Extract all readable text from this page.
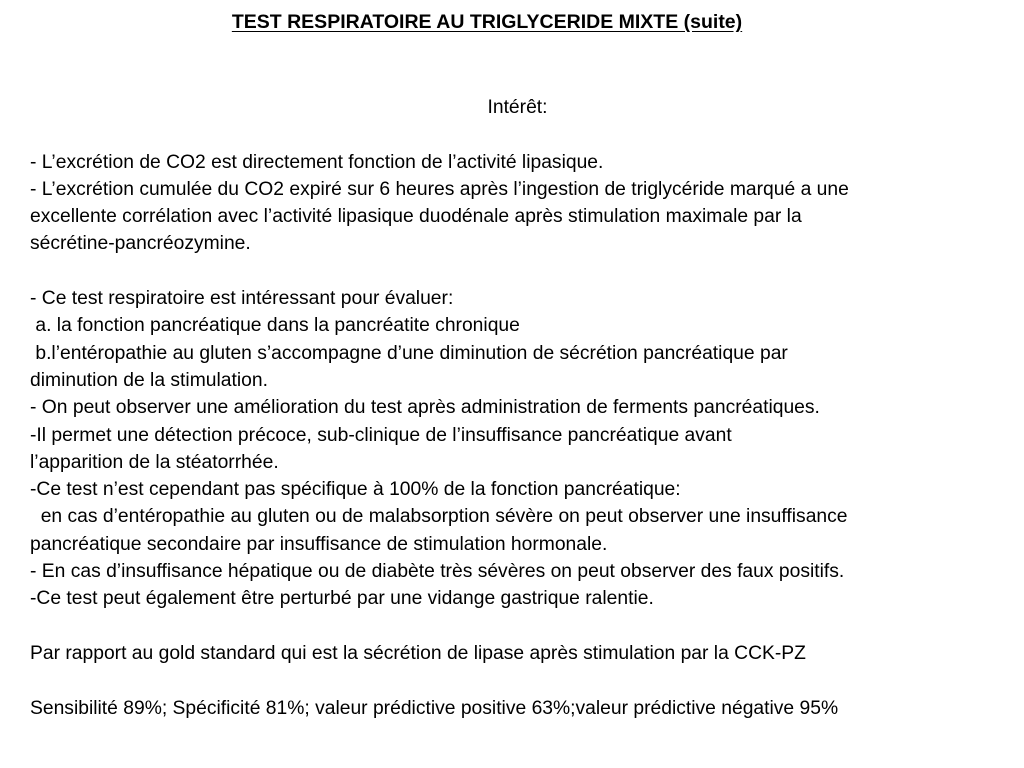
TEST RESPIRATOIRE AU TRIGLYCERIDE MIXTE (suite)
Intérêt:
- L’excrétion de CO2 est directement fonction de l’activité lipasique.
- L’excrétion cumulée du CO2 expiré sur 6 heures après l’ingestion de triglycéride marqué a une
excellente corrélation avec l’activité lipasique duodénale après stimulation maximale par la
sécrétine-pancréozymine.
- Ce test respiratoire est intéressant pour évaluer:
a. la fonction pancréatique dans la pancréatite chronique
b.l’entéropathie au gluten s’accompagne d’une diminution de sécrétion pancréatique par
diminution de la stimulation.
- On peut observer une amélioration du test après administration de ferments pancréatiques.
-Il permet une détection précoce, sub-clinique de l’insuffisance pancréatique avant
l’apparition de la stéatorrhée.
-Ce test n’est cependant pas spécifique à 100% de la fonction pancréatique:
en cas d’entéropathie au gluten ou de malabsorption sévère on peut observer une insuffisance
pancréatique secondaire par insuffisance de stimulation hormonale.
- En cas d’insuffisance hépatique ou de diabète très sévères on peut observer des faux positifs.
-Ce test peut également être perturbé par une vidange gastrique ralentie.
Par rapport au gold standard qui est la sécrétion de lipase après stimulation par la CCK-PZ
Sensibilité 89%; Spécificité 81%; valeur prédictive positive 63%;valeur prédictive négative 95%
